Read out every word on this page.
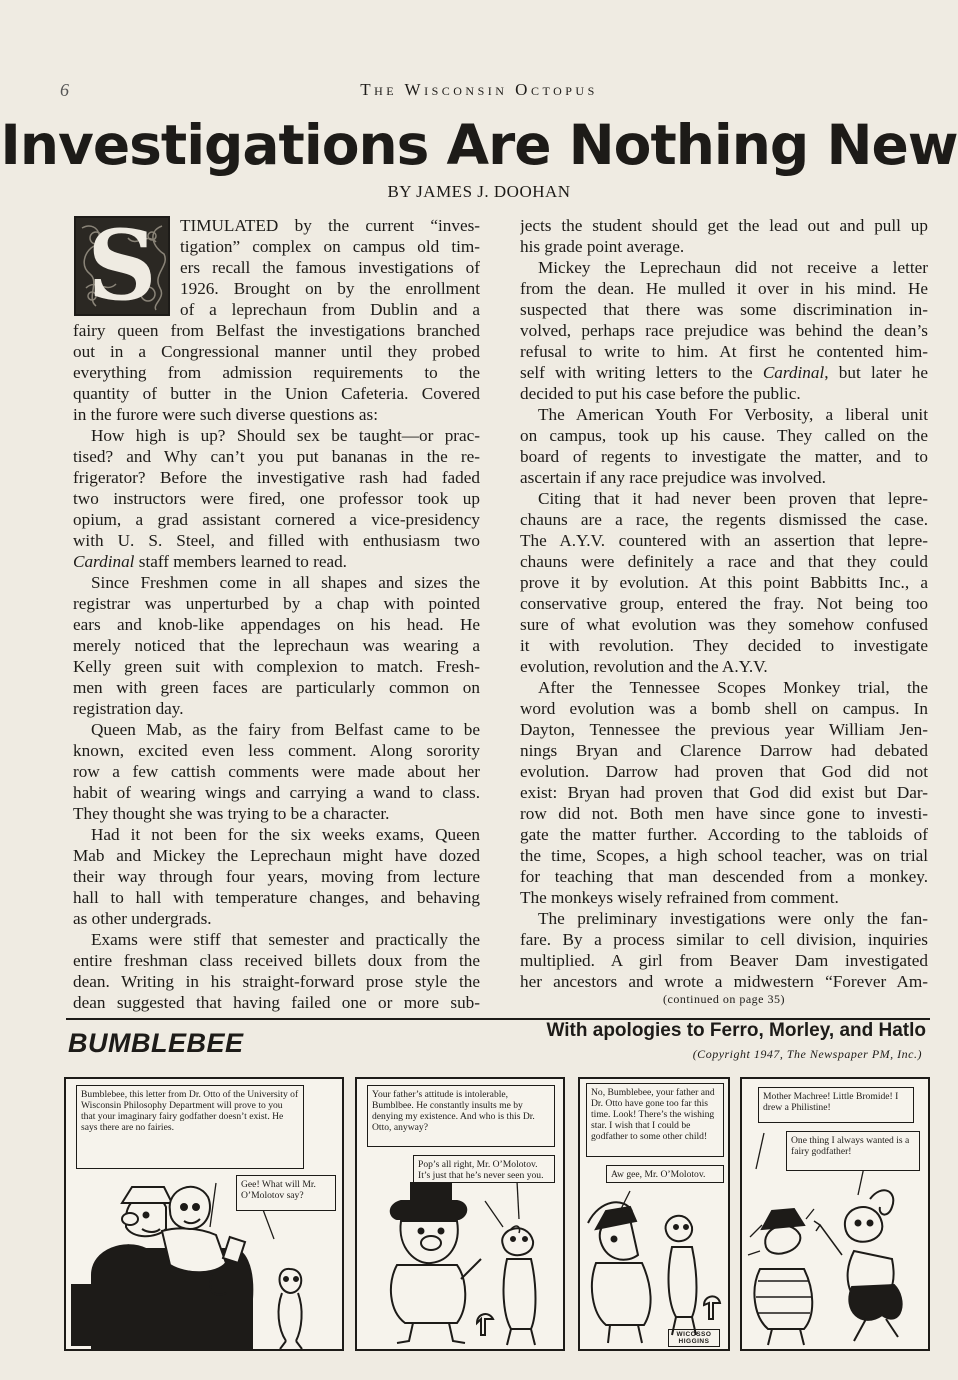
6	The Wisconsin Octopus
Investigations Are Nothing New
BY JAMES J. DOOHAN
S	TIMULATED by the current “inves-
tigation” complex on campus old tim-
ers recall the famous investigations of
1926. Brought on by the enrollment
of a leprechaun from Dublin and a
fairy queen from Belfast the investigations branched
out in a Congressional manner until they probed
everything from admission requirements to the
quantity of butter in the Union Cafeteria. Covered
in the furore were such diverse questions as:
How high is up? Should sex be taught—or prac-
tised? and Why can’t you put bananas in the re-
frigerator? Before the investigative rash had faded
two instructors were fired, one professor took up
opium, a grad assistant cornered a vice-presidency
with U. S. Steel, and filled with enthusiasm two
Cardinal staff members learned to read.
Since Freshmen come in all shapes and sizes the
registrar was unperturbed by a chap with pointed
ears and knob-like appendages on his head. He
merely noticed that the leprechaun was wearing a
Kelly green suit with complexion to match. Fresh-
men with green faces are particularly common on
registration day.
Queen Mab, as the fairy from Belfast came to be
known, excited even less comment. Along sorority
row a few cattish comments were made about her
habit of wearing wings and carrying a wand to class.
They thought she was trying to be a character.
Had it not been for the six weeks exams, Queen
Mab and Mickey the Leprechaun might have dozed
their way through four years, moving from lecture
hall to hall with temperature changes, and behaving
as other undergrads.
Exams were stiff that semester and practically the
entire freshman class received billets doux from the
dean. Writing in his straight-forward prose style the
dean suggested that having failed one or more sub-
jects the student should get the lead out and pull up
his grade point average.
Mickey the Leprechaun did not receive a letter
from the dean. He mulled it over in his mind. He
suspected that there was some discrimination in-
volved, perhaps race prejudice was behind the dean’s
refusal to write to him. At first he contented him-
self with writing letters to the Cardinal, but later he
decided to put his case before the public.
The American Youth For Verbosity, a liberal unit
on campus, took up his cause. They called on the
board of regents to investigate the matter, and to
ascertain if any race prejudice was involved.
Citing that it had never been proven that lepre-
chauns are a race, the regents dismissed the case.
The A.Y.V. countered with an assertion that lepre-
chauns were definitely a race and that they could
prove it by evolution. At this point Babbitts Inc., a
conservative group, entered the fray. Not being too
sure of what evolution was they somehow confused
it with revolution. They decided to investigate
evolution, revolution and the A.Y.V.
After the Tennessee Scopes Monkey trial, the
word evolution was a bomb shell on campus. In
Dayton, Tennessee the previous year William Jen-
nings Bryan and Clarence Darrow had debated
evolution. Darrow had proven that God did not
exist: Bryan had proven that God did exist but Dar-
row did not. Both men have since gone to investi-
gate the matter further. According to the tabloids of
the time, Scopes, a high school teacher, was on trial
for teaching that man descended from a monkey.
The monkeys wisely refrained from comment.
The preliminary investigations were only the fan-
fare. By a process similar to cell division, inquiries
multiplied. A girl from Beaver Dam investigated
her ancestors and wrote a midwestern “Forever Am-
(continued on page 35)
BUMBLEBEE	With apologies to Ferro, Morley, and Hatlo
(Copyright 1947, The Newspaper PM, Inc.)
Bumblebee, this letter from Dr. Otto of the University of Wisconsin Philosophy Department will prove to you that your imaginary fairy godfather doesn’t exist. He says there are no fairies.
Gee! What will Mr. O’Molotov say?
Your father’s attitude is intolerable, Bumblbee. He constantly insults me by denying my existence. And who is this Dr. Otto, anyway?
Pop’s all right, Mr. O’Molotov. It’s just that he’s never seen you.
No, Bumblebee, your father and Dr. Otto have gone too far this time. Look! There’s the wishing star. I wish that I could be godfather to some other child!
Aw gee, Mr. O’Molotov.
WICOSSO HIGGINS
Mother Machree! Little Bromide! I drew a Philistine!
One thing I always wanted is a fairy godfather!
